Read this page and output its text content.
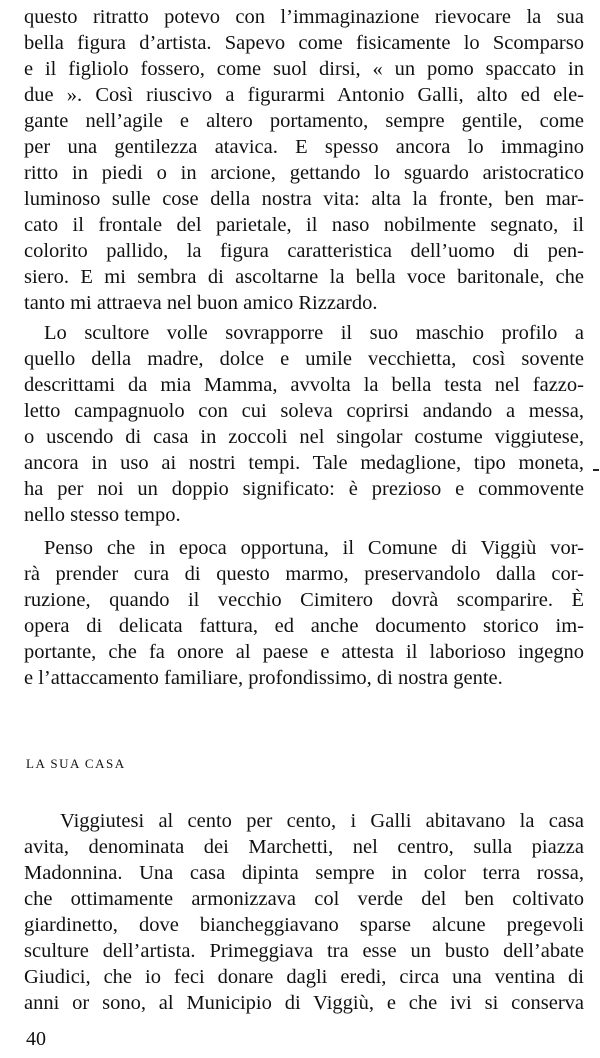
questo ritratto potevo con l’immaginazione rievocare la sua
bella figura d’artista. Sapevo come fisicamente lo Scomparso
e il figliolo fossero, come suol dirsi, « un pomo spaccato in
due ». Così riuscivo a figurarmi Antonio Galli, alto ed ele-
gante nell’agile e altero portamento, sempre gentile, come
per una gentilezza atavica. E spesso ancora lo immagino
ritto in piedi o in arcione, gettando lo sguardo aristocratico
luminoso sulle cose della nostra vita: alta la fronte, ben mar-
cato il frontale del parietale, il naso nobilmente segnato, il
colorito pallido, la figura caratteristica dell’uomo di pen-
siero. E mi sembra di ascoltarne la bella voce baritonale, che
tanto mi attraeva nel buon amico Rizzardo.
Lo scultore volle sovrapporre il suo maschio profilo a
quello della madre, dolce e umile vecchietta, così sovente
descrittami da mia Mamma, avvolta la bella testa nel fazzo-
letto campagnuolo con cui soleva coprirsi andando a messa,
o uscendo di casa in zoccoli nel singolar costume viggiutese,
ancora in uso ai nostri tempi. Tale medaglione, tipo moneta,
ha per noi un doppio significato: è prezioso e commovente
nello stesso tempo.
Penso che in epoca opportuna, il Comune di Viggiù vor-
rà prender cura di questo marmo, preservandolo dalla cor-
ruzione, quando il vecchio Cimitero dovrà scomparire. È
opera di delicata fattura, ed anche documento storico im-
portante, che fa onore al paese e attesta il laborioso ingegno
e l’attaccamento familiare, profondissimo, di nostra gente.
LA SUA CASA
Viggiutesi al cento per cento, i Galli abitavano la casa
avita, denominata dei Marchetti, nel centro, sulla piazza
Madonnina. Una casa dipinta sempre in color terra rossa,
che ottimamente armonizzava col verde del ben coltivato
giardinetto, dove biancheggiavano sparse alcune pregevoli
sculture dell’artista. Primeggiava tra esse un busto dell’abate
Giudici, che io feci donare dagli eredi, circa una ventina di
anni or sono, al Municipio di Viggiù, e che ivi si conserva
40
